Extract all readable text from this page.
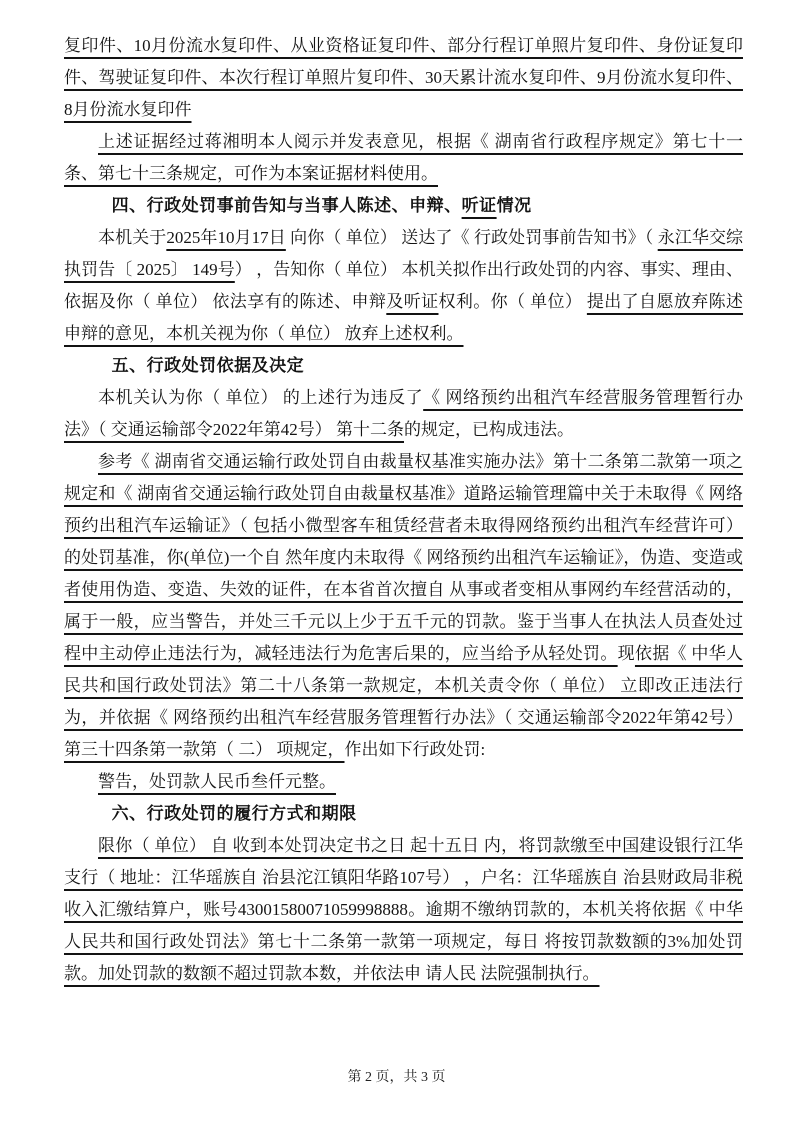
复印件、10月份流水复印件、从业资格证复印件、部分行程订单照片复印件、身份证复印件、驾驶证复印件、本次行程订单照片复印件、30天累计流水复印件、9月份流水复印件、8月份流水复印件

上述证据经过蒋湘明本人阅示并发表意见，根据《 湖南省行政程序规定》第七十一条、第七十三条规定，可作为本案证据材料使用。

四、行政处罚事前告知与当事人陈述、申辩、听证情况

本机关于2025年10月17日 向你（ 单位） 送达了《 行政处罚事前告知书》（ 永江华交综执罚告〔 2025〕 149号） ，告知你（ 单位） 本机关拟作出行政处罚的内容、事实、理由、依据及你（ 单位） 依法享有的陈述、申辩及听证权利。你（ 单位） 提出了自愿放弃陈述申辩的意见，本机关视为你（ 单位） 放弃上述权利。

五、行政处罚依据及决定

本机关认为你（ 单位） 的上述行为违反了《 网络预约出租汽车经营服务管理暂行办法》（ 交通运输部令2022年第42号） 第十二条的规定，已构成违法。

参考《 湖南省交通运输行政处罚自由裁量权基准实施办法》第十二条第二款第一项之规定和《 湖南省交通运输行政处罚自由裁量权基准》道路运输管理篇中关于未取得《 网络预约出租汽车运输证》（ 包括小微型客车租赁经营者未取得网络预约出租汽车经营许可） 的处罚基准，你(单位)一个自 然年度内未取得《 网络预约出租汽车运输证》，伪造、变造或者使用伪造、变造、失效的证件，在本省首次擅自 从事或者变相从事网约车经营活动的，属于一般，应当警告，并处三千元以上少于五千元的罚款。鉴于当事人在执法人员查处过程中主动停止违法行为，减轻违法行为危害后果的，应当给予从轻处罚。现依据《 中华人民共和国行政处罚法》第二十八条第一款规定，本机关责令你（ 单位） 立即改正违法行为，并依据《 网络预约出租汽车经营服务管理暂行办法》（ 交通运输部令2022年第42号） 第三十四条第一款第（ 二） 项规定，作出如下行政处罚:

警告，处罚款人民币叁仟元整。

六、行政处罚的履行方式和期限

限你（ 单位） 自 收到本处罚决定书之日 起十五日 内，将罚款缴至中国建设银行江华支行（ 地址：江华瑶族自 治县沱江镇阳华路107号） ，户名：江华瑶族自 治县财政局非税收入汇缴结算户，账号43001580071059998888。逾期不缴纳罚款的，本机关将依据《 中华人民共和国行政处罚法》第七十二条第一款第一项规定，每日 将按罚款数额的3%加处罚款。加处罚款的数额不超过罚款本数，并依法申 请人民 法院强制执行。

第 2 页，共 3 页
